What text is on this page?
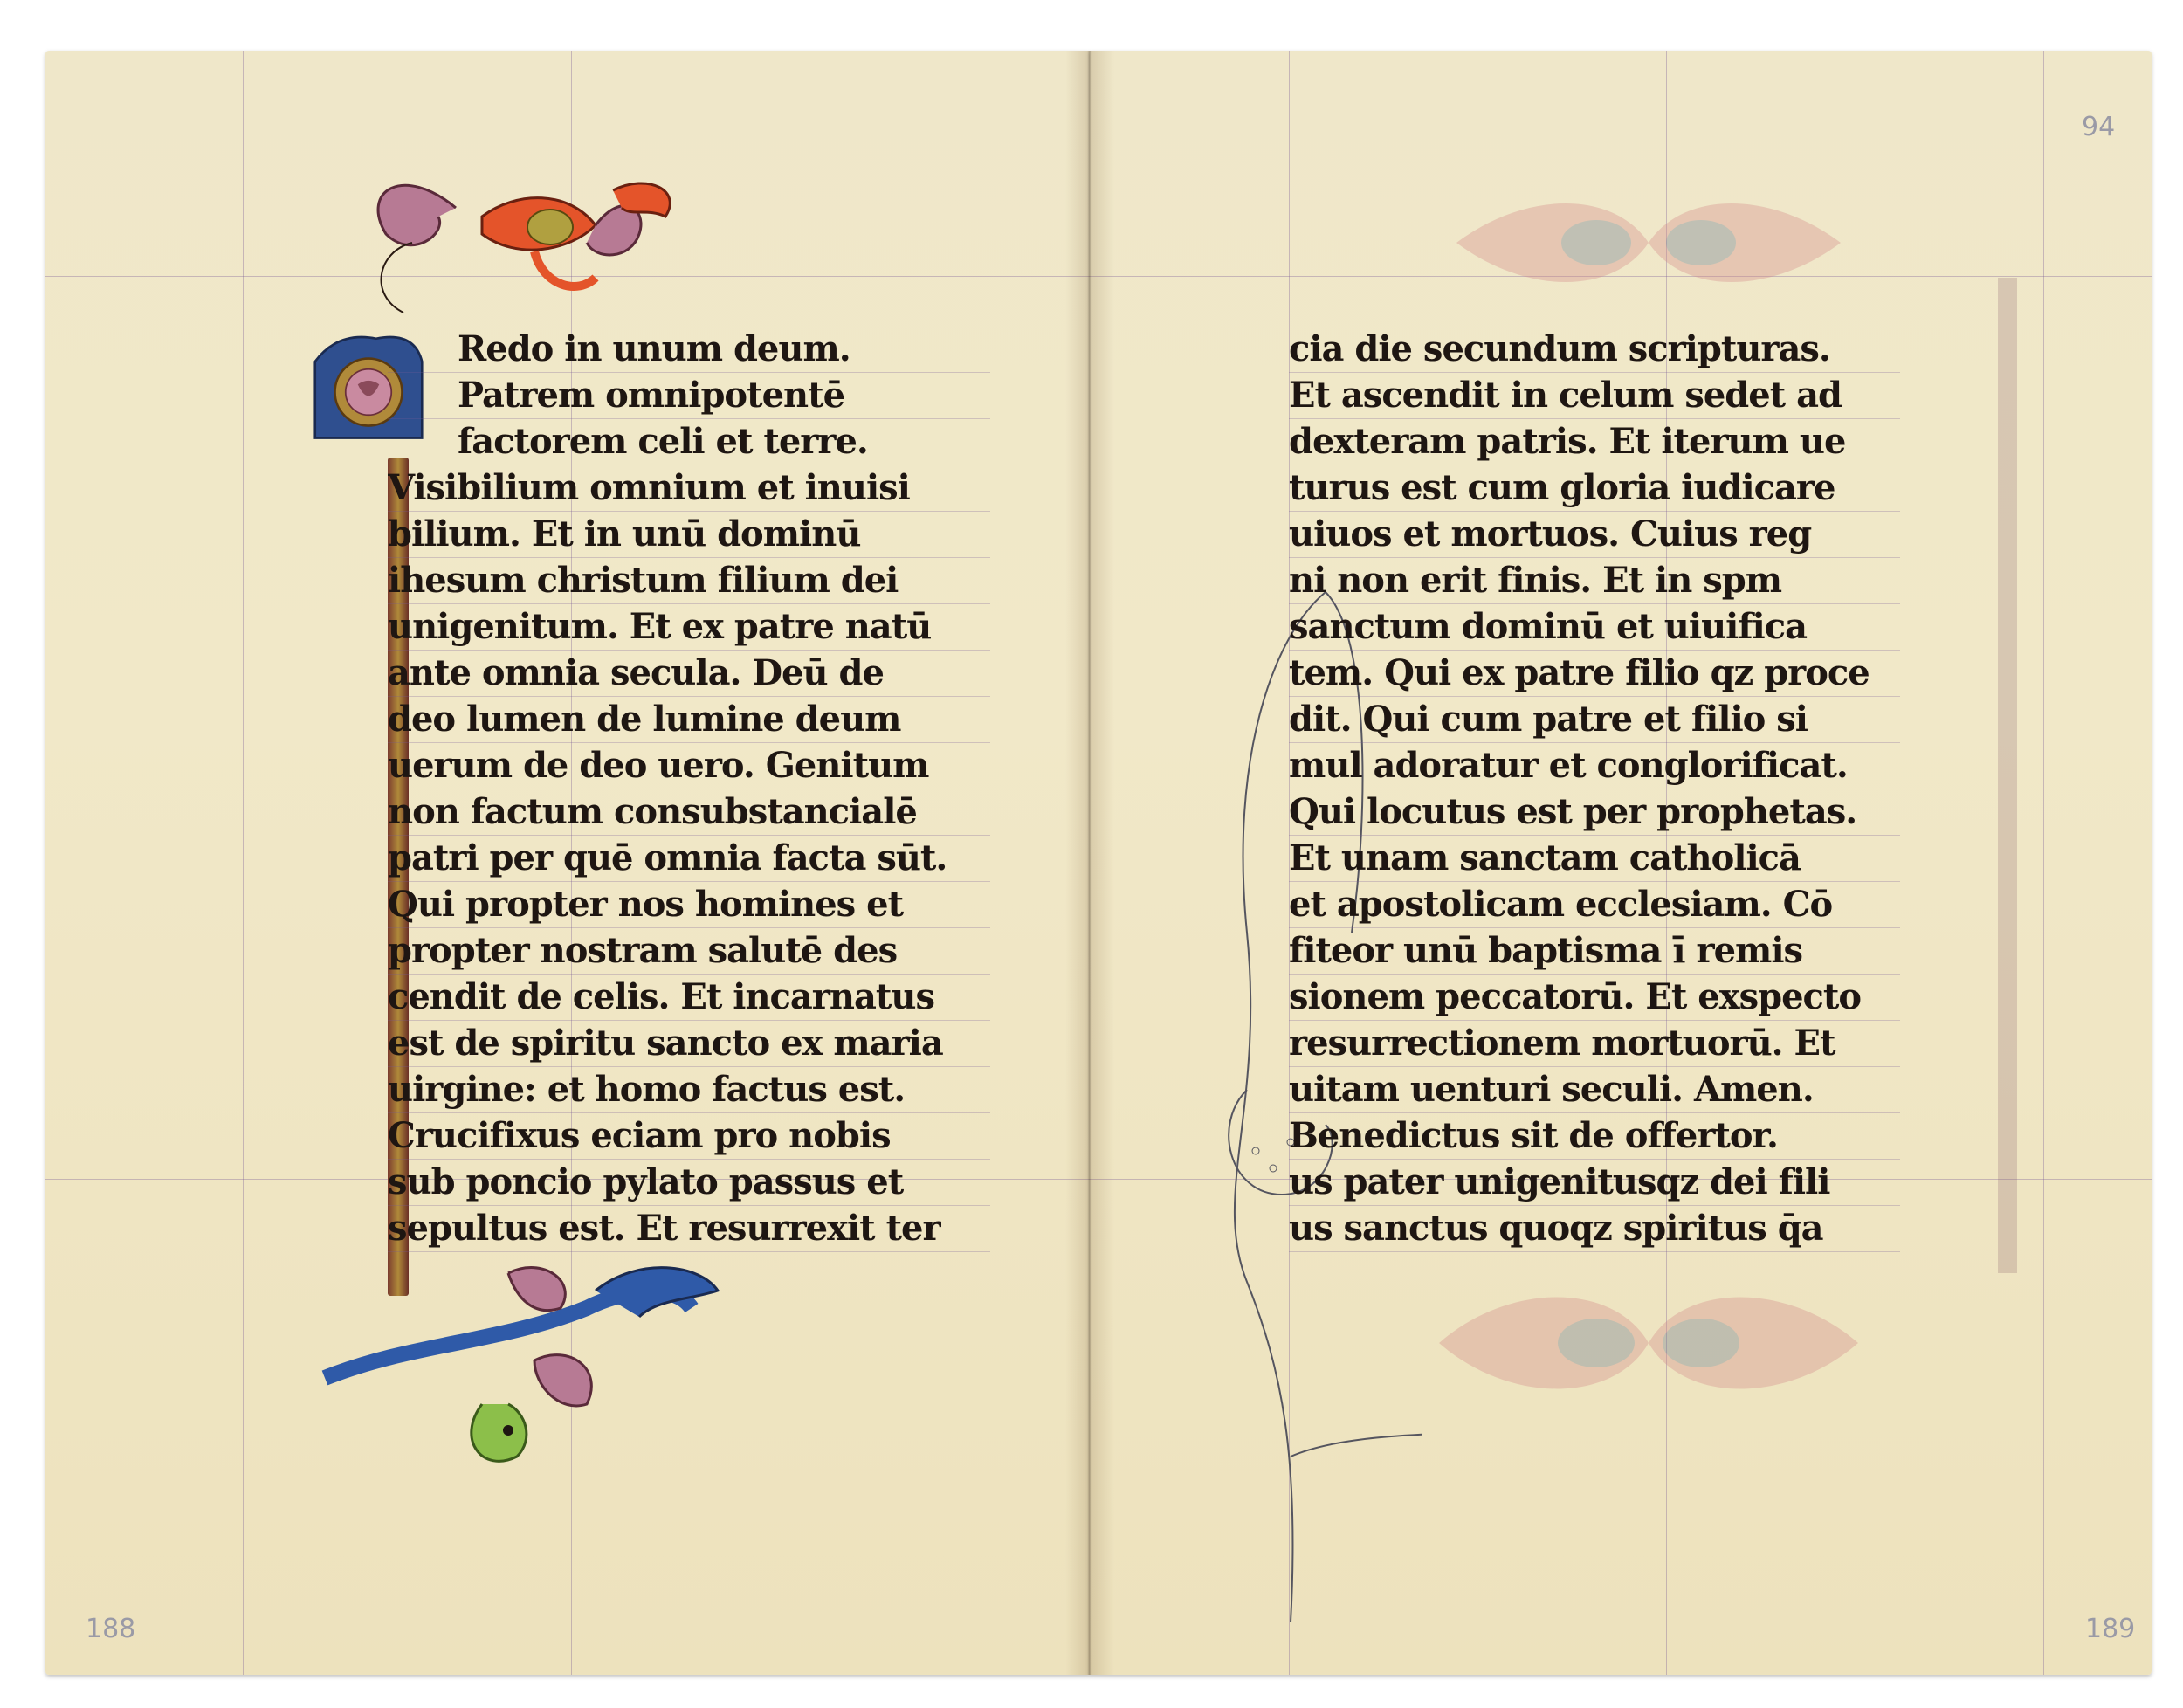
Redo in unum deum.
Patrem omnipotentē
factorem celi et terre.
Visibilium omnium et inuisi
bilium. Et in unū dominū
ihesum christum filium dei
unigenitum. Et ex patre natū
ante omnia secula. Deū de
deo lumen de lumine deum
uerum de deo uero. Genitum
non factum consubstancialē
patri per quē omnia facta sūt.
Qui propter nos homines et
propter nostram salutē des
cendit de celis. Et incarnatus
est de spiritu sancto ex maria
uirgine: et homo factus est.
Crucifixus eciam pro nobis
sub poncio pylato passus et
sepultus est. Et resurrexit ter
188
94
cia die secundum scripturas.
Et ascendit in celum sedet ad
dexteram patris. Et iterum ue
turus est cum gloria iudicare
uiuos et mortuos. Cuius reg
ni non erit finis. Et in spm
sanctum dominū et uiuifica
tem. Qui ex patre filio qz proce
dit. Qui cum patre et filio si
mul adoratur et conglorificat.
Qui locutus est per prophetas.
Et unam sanctam catholicā
et apostolicam ecclesiam. Cō
fiteor unū baptisma ī remis
sionem peccatorū. Et exspecto
resurrectionem mortuorū. Et
uitam uenturi seculi. Amen.
Benedictus sit de offertor.
us pater unigenitusqz dei fili
us sanctus quoqz spiritus q̄a
189
